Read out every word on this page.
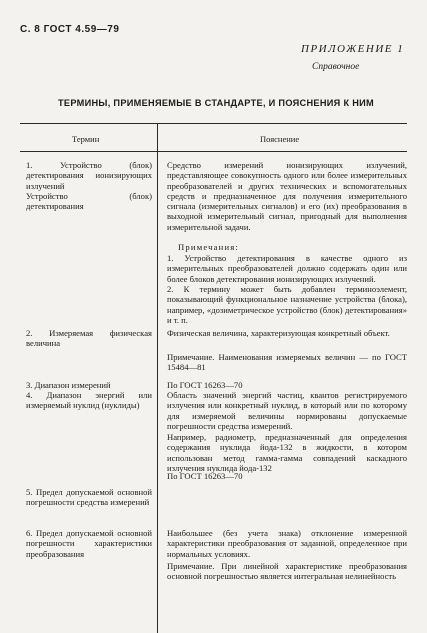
С. 8 ГОСТ 4.59—79
ПРИЛОЖЕНИЕ 1
Справочное
ТЕРМИНЫ, ПРИМЕНЯЕМЫЕ В СТАНДАРТЕ, И ПОЯСНЕНИЯ К НИМ
Термин	Пояснение
1. Устройство (блок) детектирования ионизирующих излучений
Устройство (блок) детектирования
2. Измеряемая физическая величина
3. Диапазон измерений
4. Диапазон энергий или измеряемый нуклид (нуклиды)
5. Предел допускаемой основной погрешности средства измерений
6. Предел допускаемой основной погрешности характеристики преобразования
Средство измерений ионизирующих излучений, представляющее совокупность одного или более измерительных преобразователей и других технических и вспомогательных средств и предназначенное для получения измерительного сигнала (измерительных сигналов) и его (их) преобразования в выходной измерительный сигнал, пригодный для выполнения измерительной задачи.
Примечания:
1. Устройство детектирования в качестве одного из измерительных преобразователей должно содержать один или более блоков детектирования ионизирующих излучений.
2. К термину может быть добавлен терминоэлемент, показывающий функциональное назначение устройства (блока), например, «дозиметрическое устройство (блок) детектирования» и т. п.
Физическая величина, характеризующая конкретный объект.
Примечание. Наименования измеряемых величин — по ГОСТ 15484—81
По ГОСТ 16263—70
Область значений энергий частиц, квантов регистрируемого излучения или конкретный нуклид, в который или по которому для измеряемой величины нормированы допускаемые погрешности средства измерений.
Например, радиометр, предназначенный для определения содержания нуклида йода-132 в жидкости, в котором использован метод гамма-гамма совпадений каскадного излучения нуклида йода-132
По ГОСТ 16263—70
Наибольшее (без учета знака) отклонение измеренной характеристики преобразования от заданной, определенное при нормальных условиях.
Примечание. При линейной характеристике преобразования основной погрешностью является интегральная нелинейность
